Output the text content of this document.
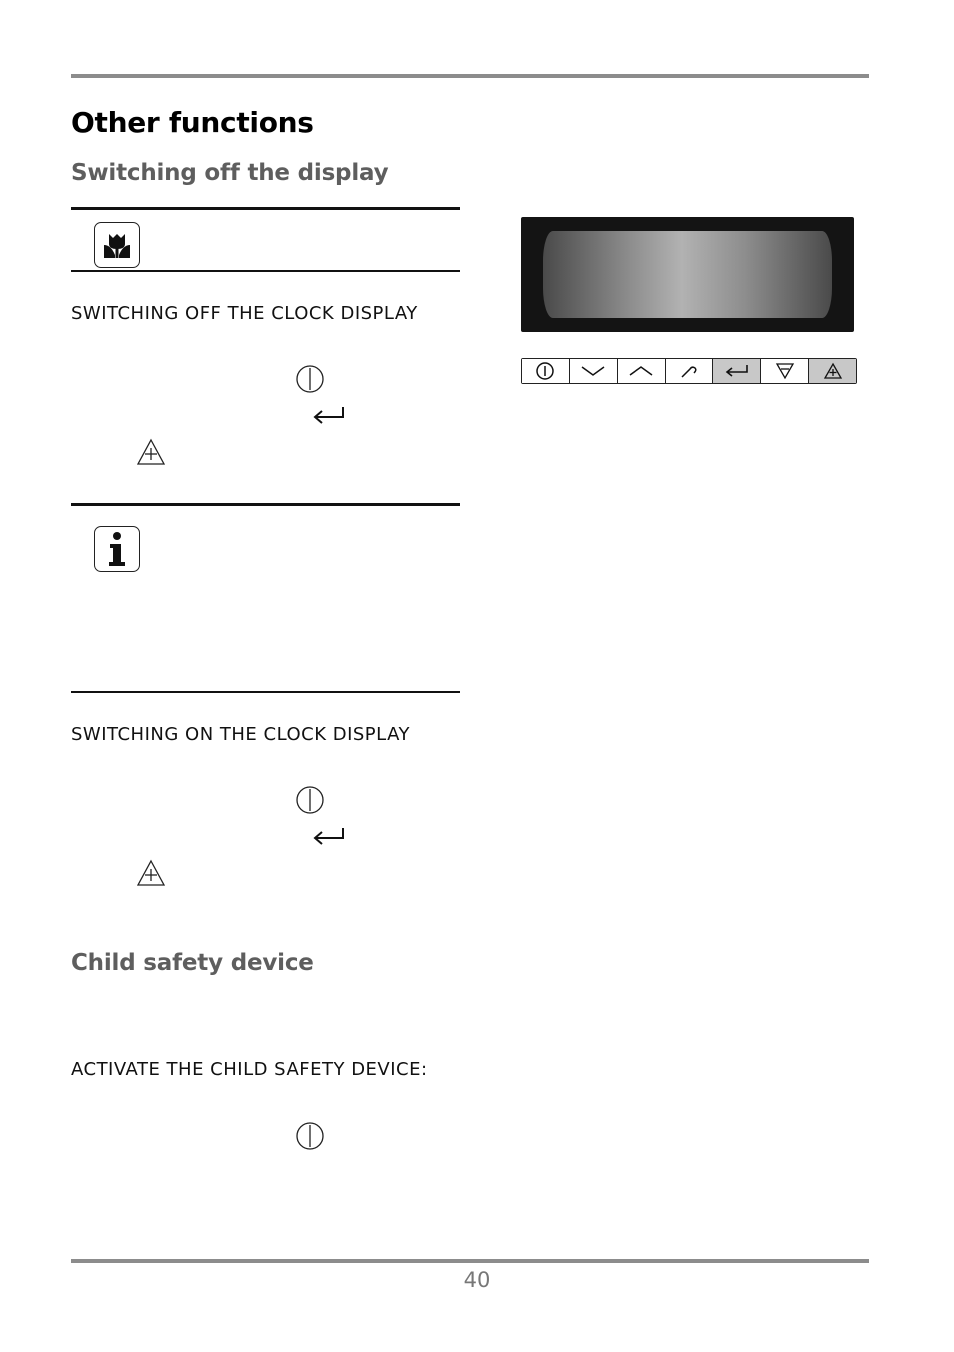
Other functions
Switching off the display
SWITCHING OFF THE CLOCK DISPLAY
SWITCHING ON THE CLOCK DISPLAY
Child safety device
ACTIVATE THE CHILD SAFETY DEVICE:
40
